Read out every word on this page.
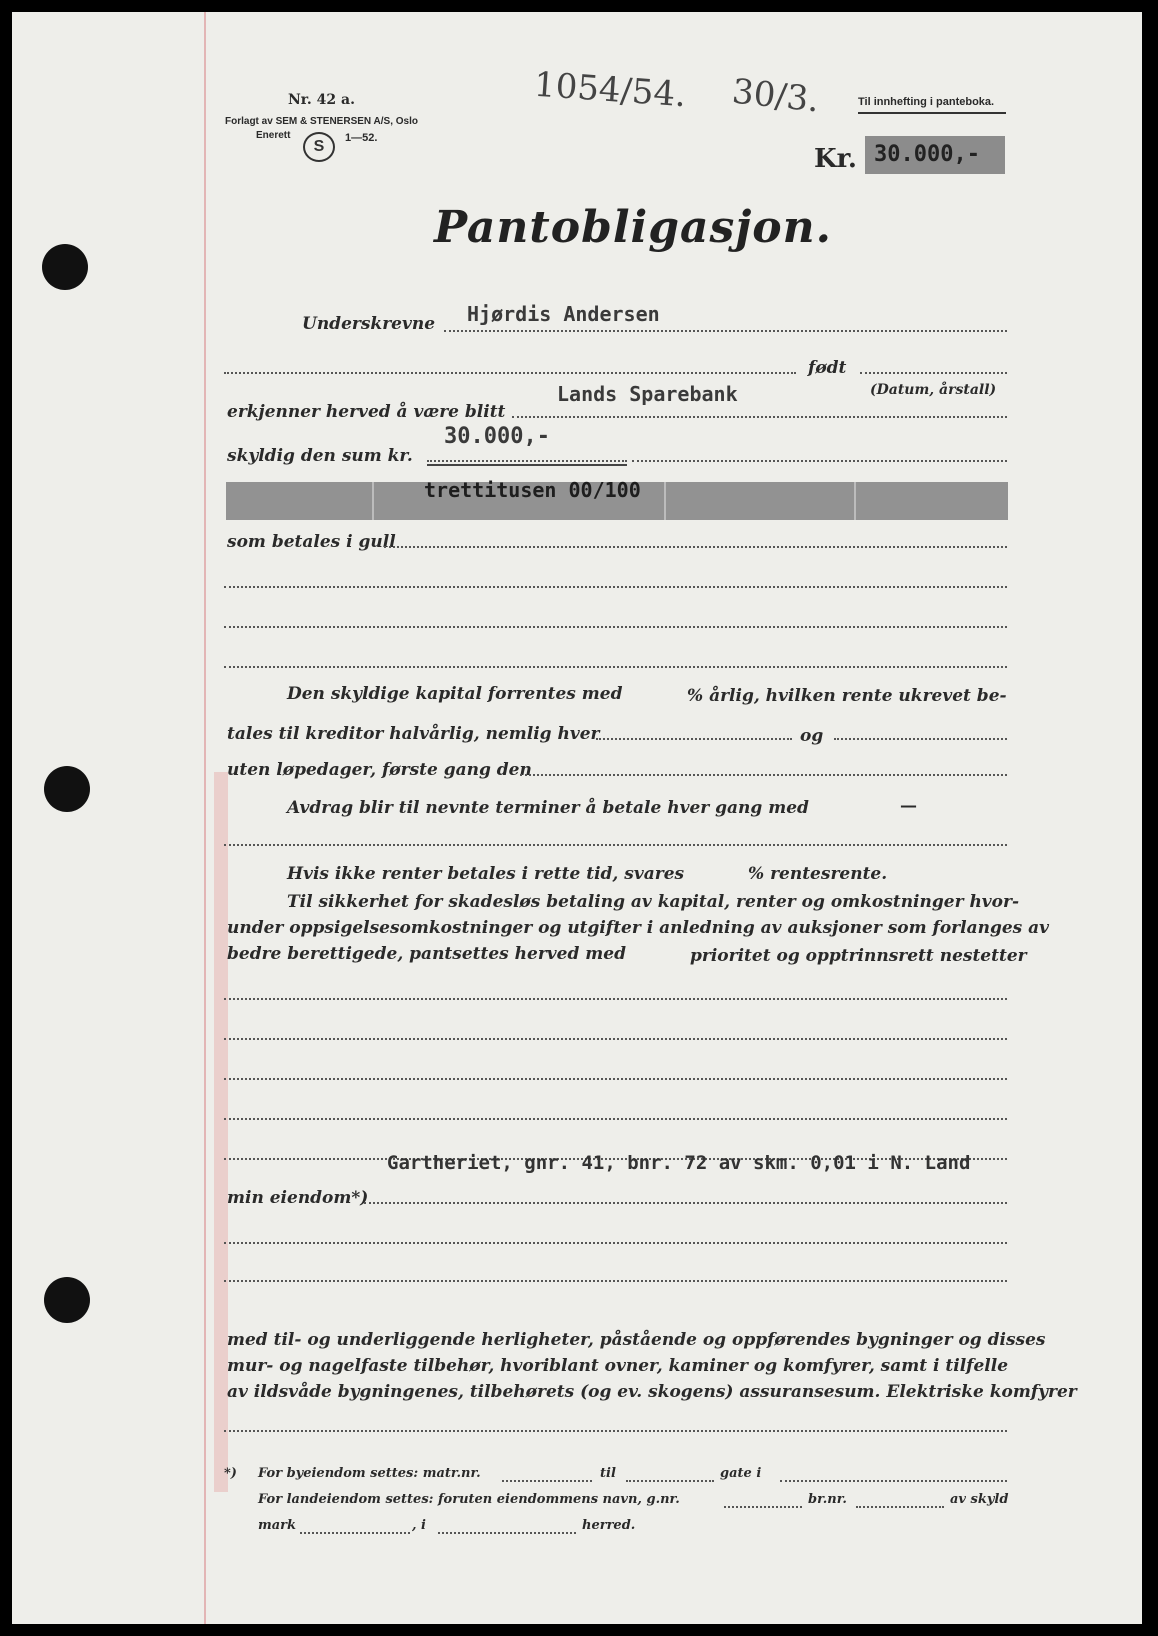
Nr. 42 a.
Forlagt av SEM & STENERSEN A/S, Oslo
Enerett
S	1—52.
1054/54. 30/3.	Til innhefting i panteboka.
Kr. 30.000,-
Pantobligasjon.
Underskrevne Hjørdis Andersen
født
(Datum, årstall)
erkjenner herved å være blitt
Lands Sparebank
skyldig den sum kr.
30.000,-
trettitusen 00/100
som betales i gull
Den skyldige kapital forrentes med	% årlig, hvilken rente ukrevet be-
tales til kreditor halvårlig, nemlig hver	og
uten løpedager, første gang den
Avdrag blir til nevnte terminer å betale hver gang med	—
Hvis ikke renter betales i rette tid, svares	% rentesrente.
Til sikkerhet for skadesløs betaling av kapital, renter og omkostninger hvor-
under oppsigelsesomkostninger og utgifter i anledning av auksjoner som forlanges av
bedre berettigede, pantsettes herved med	prioritet og opptrinnsrett nestetter
Gartheriet, gnr. 41, bnr. 72 av skm. 0,01 i N. Land
min eiendom*)
med til- og underliggende herligheter, påstående og oppførendes bygninger og disses
mur- og nagelfaste tilbehør, hvoriblant ovner, kaminer og komfyrer, samt i tilfelle
av ildsvåde bygningenes, tilbehørets (og ev. skogens) assuransesum. Elektriske komfyrer
*) For byeiendom settes: matr.nr.	til	gate i
For landeiendom settes: foruten eiendommens navn, g.nr.	br.nr.	av skyld
mark	, i	herred.
